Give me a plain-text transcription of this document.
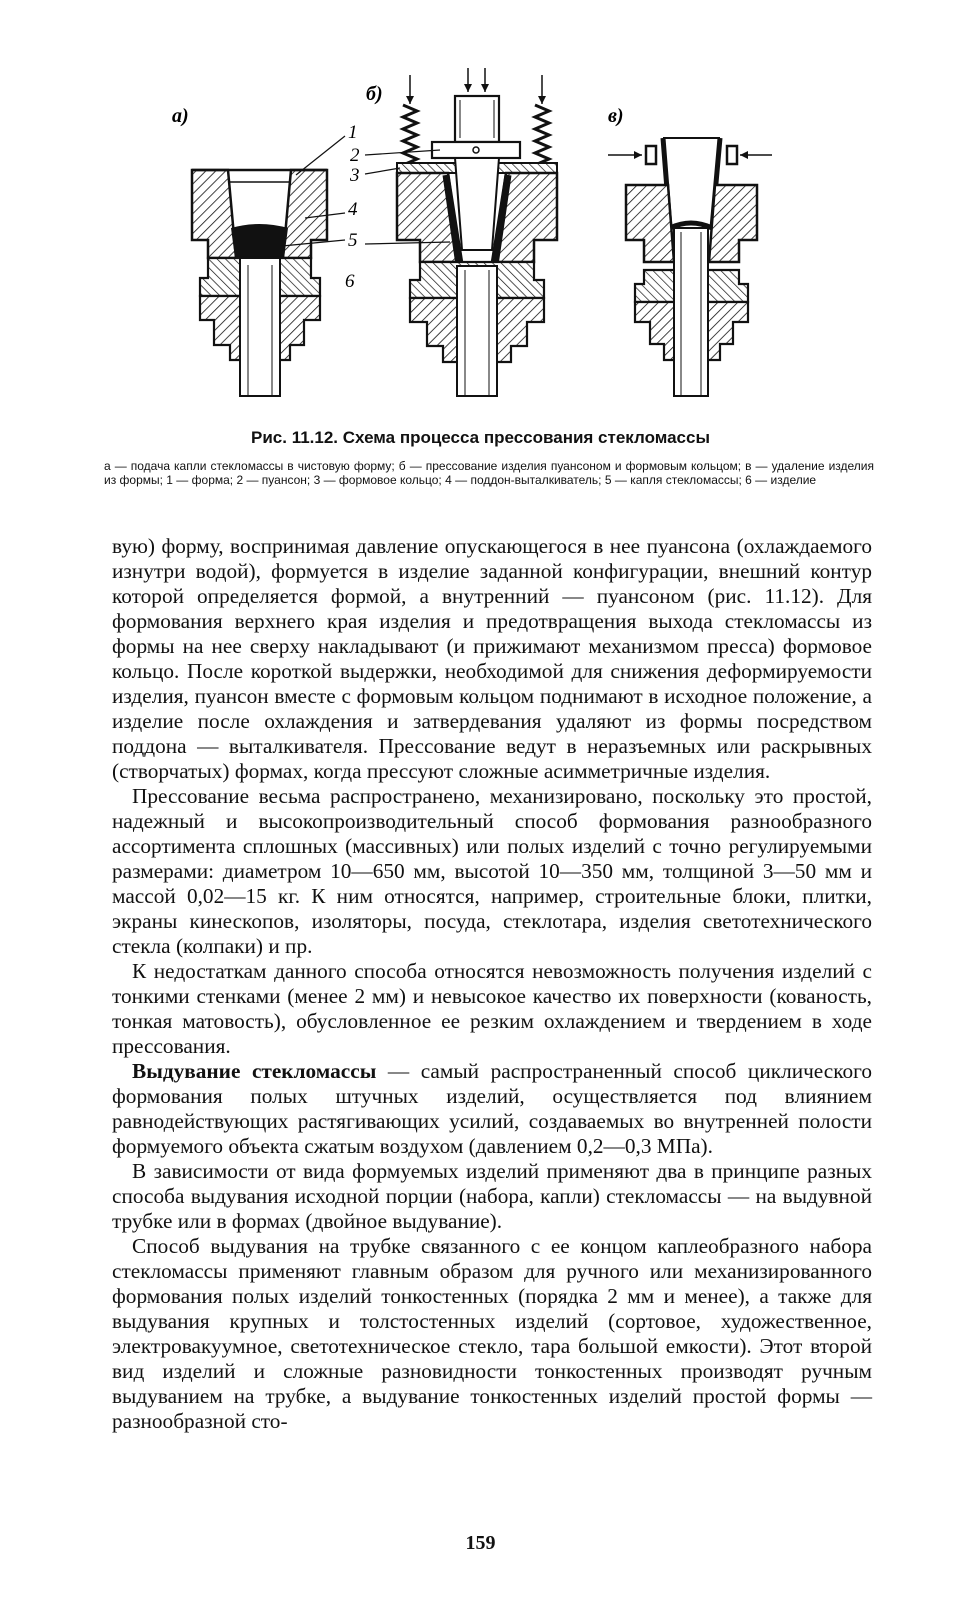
а)
1
4
5
б)
2
3
6
в)
Рис. 11.12. Схема процесса прессования стекломассы
а — подача капли стекломассы в чистовую форму; б — прессование изделия пуансоном и формовым кольцом; в — удаление изделия из формы; 1 — форма; 2 — пуансон; 3 — формовое кольцо; 4 — поддон-выталкиватель; 5 — капля стекломассы; 6 — изделие

вую) форму, воспринимая давление опускающегося в нее пуансона (охлаждаемого изнутри водой), формуется в изделие заданной конфигурации, внешний контур которой определяется формой, а внутренний — пуансоном (рис. 11.12). Для формования верхнего края изделия и предотвращения выхода стекломассы из формы на нее сверху накладывают (и прижимают механизмом пресса) формовое кольцо. После короткой выдержки, необходимой для снижения деформируемости изделия, пуансон вместе с формовым кольцом поднимают в исходное положение, а изделие после охлаждения и затвердевания удаляют из формы посредством поддона — выталкивателя. Прессование ведут в неразъемных или раскрывных (створчатых) формах, когда прессуют сложные асимметричные изделия.

Прессование весьма распространено, механизировано, поскольку это простой, надежный и высокопроизводительный способ формования разнообразного ассортимента сплошных (массивных) или полых изделий с точно регулируемыми размерами: диаметром 10—650 мм, высотой 10—350 мм, толщиной 3—50 мм и массой 0,02—15 кг. К ним относятся, например, строительные блоки, плитки, экраны кинескопов, изоляторы, посуда, стеклотара, изделия светотехнического стекла (колпаки) и пр.

К недостаткам данного способа относятся невозможность получения изделий с тонкими стенками (менее 2 мм) и невысокое качество их поверхности (кованость, тонкая матовость), обусловленное ее резким охлаждением и твердением в ходе прессования.

Выдувание стекломассы — самый распространенный способ циклического формования полых штучных изделий, осуществляется под влиянием равнодействующих растягивающих усилий, создаваемых во внутренней полости формуемого объекта сжатым воздухом (давлением 0,2—0,3 МПа).

В зависимости от вида формуемых изделий применяют два в принципе разных способа выдувания исходной порции (набора, капли) стекломассы — на выдувной трубке или в формах (двойное выдувание).

Способ выдувания на трубке связанного с ее концом каплеобразного набора стекломассы применяют главным образом для ручного или механизированного формования полых изделий тонкостенных (порядка 2 мм и менее), а также для выдувания крупных и толстостенных изделий (сортовое, художественное, электровакуумное, светотехническое стекло, тара большой емкости). Этот второй вид изделий и сложные разновидности тонкостенных производят ручным выдуванием на трубке, а выдувание тонкостенных изделий простой формы — разнообразной сто-

159
